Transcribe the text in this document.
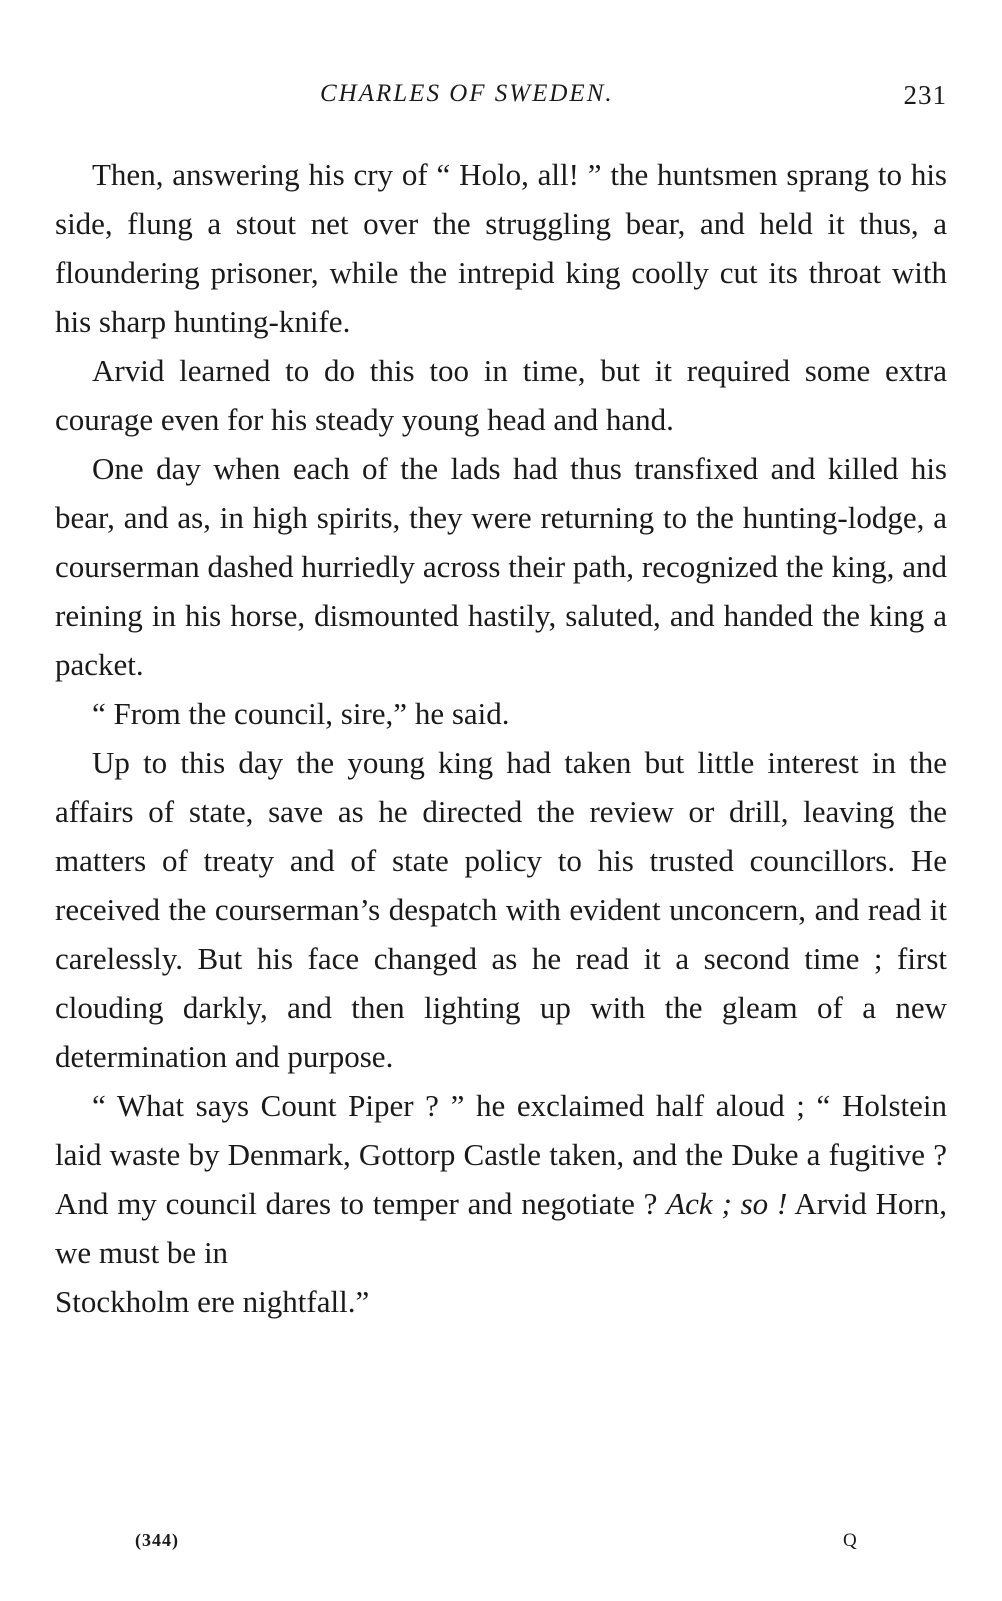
CHARLES OF SWEDEN.	231

Then, answering his cry of “ Holo, all! ” the huntsmen sprang to his side, flung a stout net over the struggling bear, and held it thus, a floundering prisoner, while the intrepid king coolly cut its throat with his sharp hunting-knife.

Arvid learned to do this too in time, but it required some extra courage even for his steady young head and hand.

One day when each of the lads had thus transfixed and killed his bear, and as, in high spirits, they were returning to the hunting-lodge, a courserman dashed hurriedly across their path, recognized the king, and reining in his horse, dismounted hastily, saluted, and handed the king a packet.

“ From the council, sire,” he said.

Up to this day the young king had taken but little interest in the affairs of state, save as he directed the review or drill, leaving the matters of treaty and of state policy to his trusted councillors. He received the courserman’s despatch with evident unconcern, and read it carelessly. But his face changed as he read it a second time ; first clouding darkly, and then lighting up with the gleam of a new determination and purpose.

“ What says Count Piper ? ” he exclaimed half aloud ; “ Holstein laid waste by Denmark, Gottorp Castle taken, and the Duke a fugitive ? And my council dares to temper and negotiate ? Ack ; so ! Arvid Horn, we must be in

Stockholm ere nightfall.”

(344)	Q
